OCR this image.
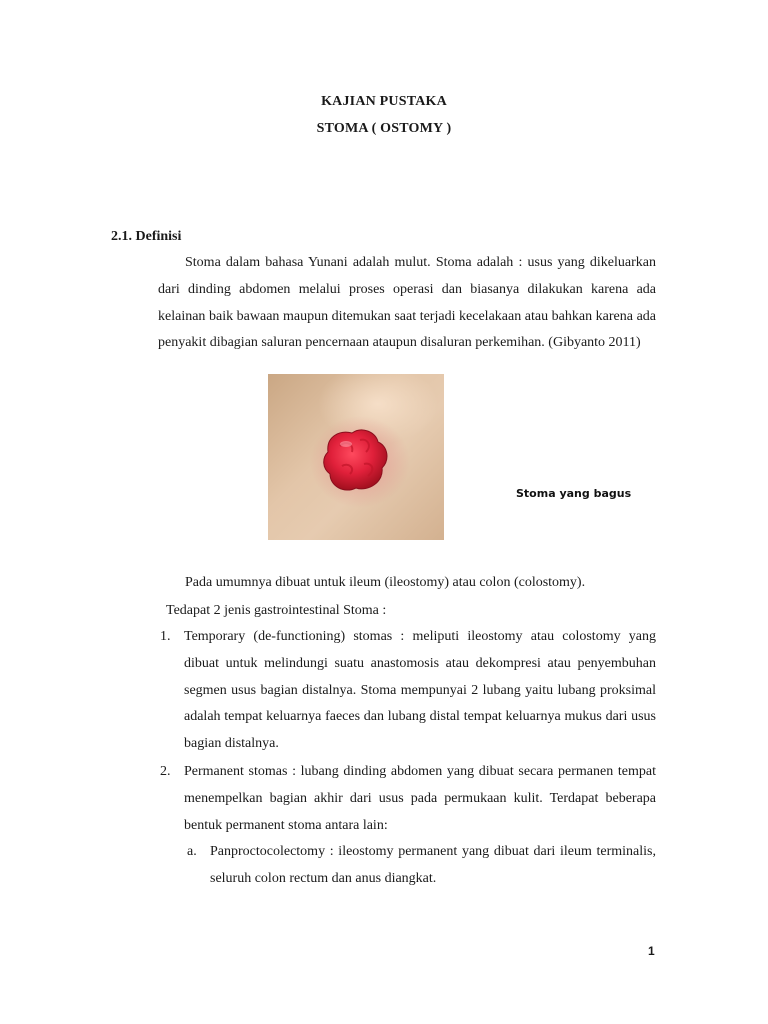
KAJIAN PUSTAKA
STOMA ( OSTOMY )
2.1. Definisi

Stoma dalam bahasa Yunani adalah mulut. Stoma adalah : usus yang dikeluarkan dari dinding abdomen melalui proses operasi dan biasanya dilakukan karena ada kelainan baik bawaan maupun ditemukan saat terjadi kecelakaan atau bahkan karena ada penyakit dibagian saluran pencernaan ataupun disaluran perkemihan. (Gibyanto 2011)

Stoma yang bagus

Pada umumnya dibuat untuk ileum (ileostomy) atau colon (colostomy).

Tedapat 2 jenis gastrointestinal Stoma :
1. Temporary (de-functioning) stomas : meliputi ileostomy atau colostomy yang dibuat untuk melindungi suatu anastomosis atau dekompresi atau penyembuhan segmen usus bagian distalnya. Stoma mempunyai 2 lubang yaitu lubang proksimal adalah tempat keluarnya faeces dan lubang distal tempat keluarnya mukus dari usus bagian distalnya.

2. Permanent stomas : lubang dinding abdomen yang dibuat secara permanen tempat menempelkan bagian akhir dari usus pada permukaan kulit. Terdapat beberapa bentuk permanent stoma antara lain:

a. Panproctocolectomy : ileostomy permanent yang dibuat dari ileum terminalis, seluruh colon rectum dan anus diangkat.

1
